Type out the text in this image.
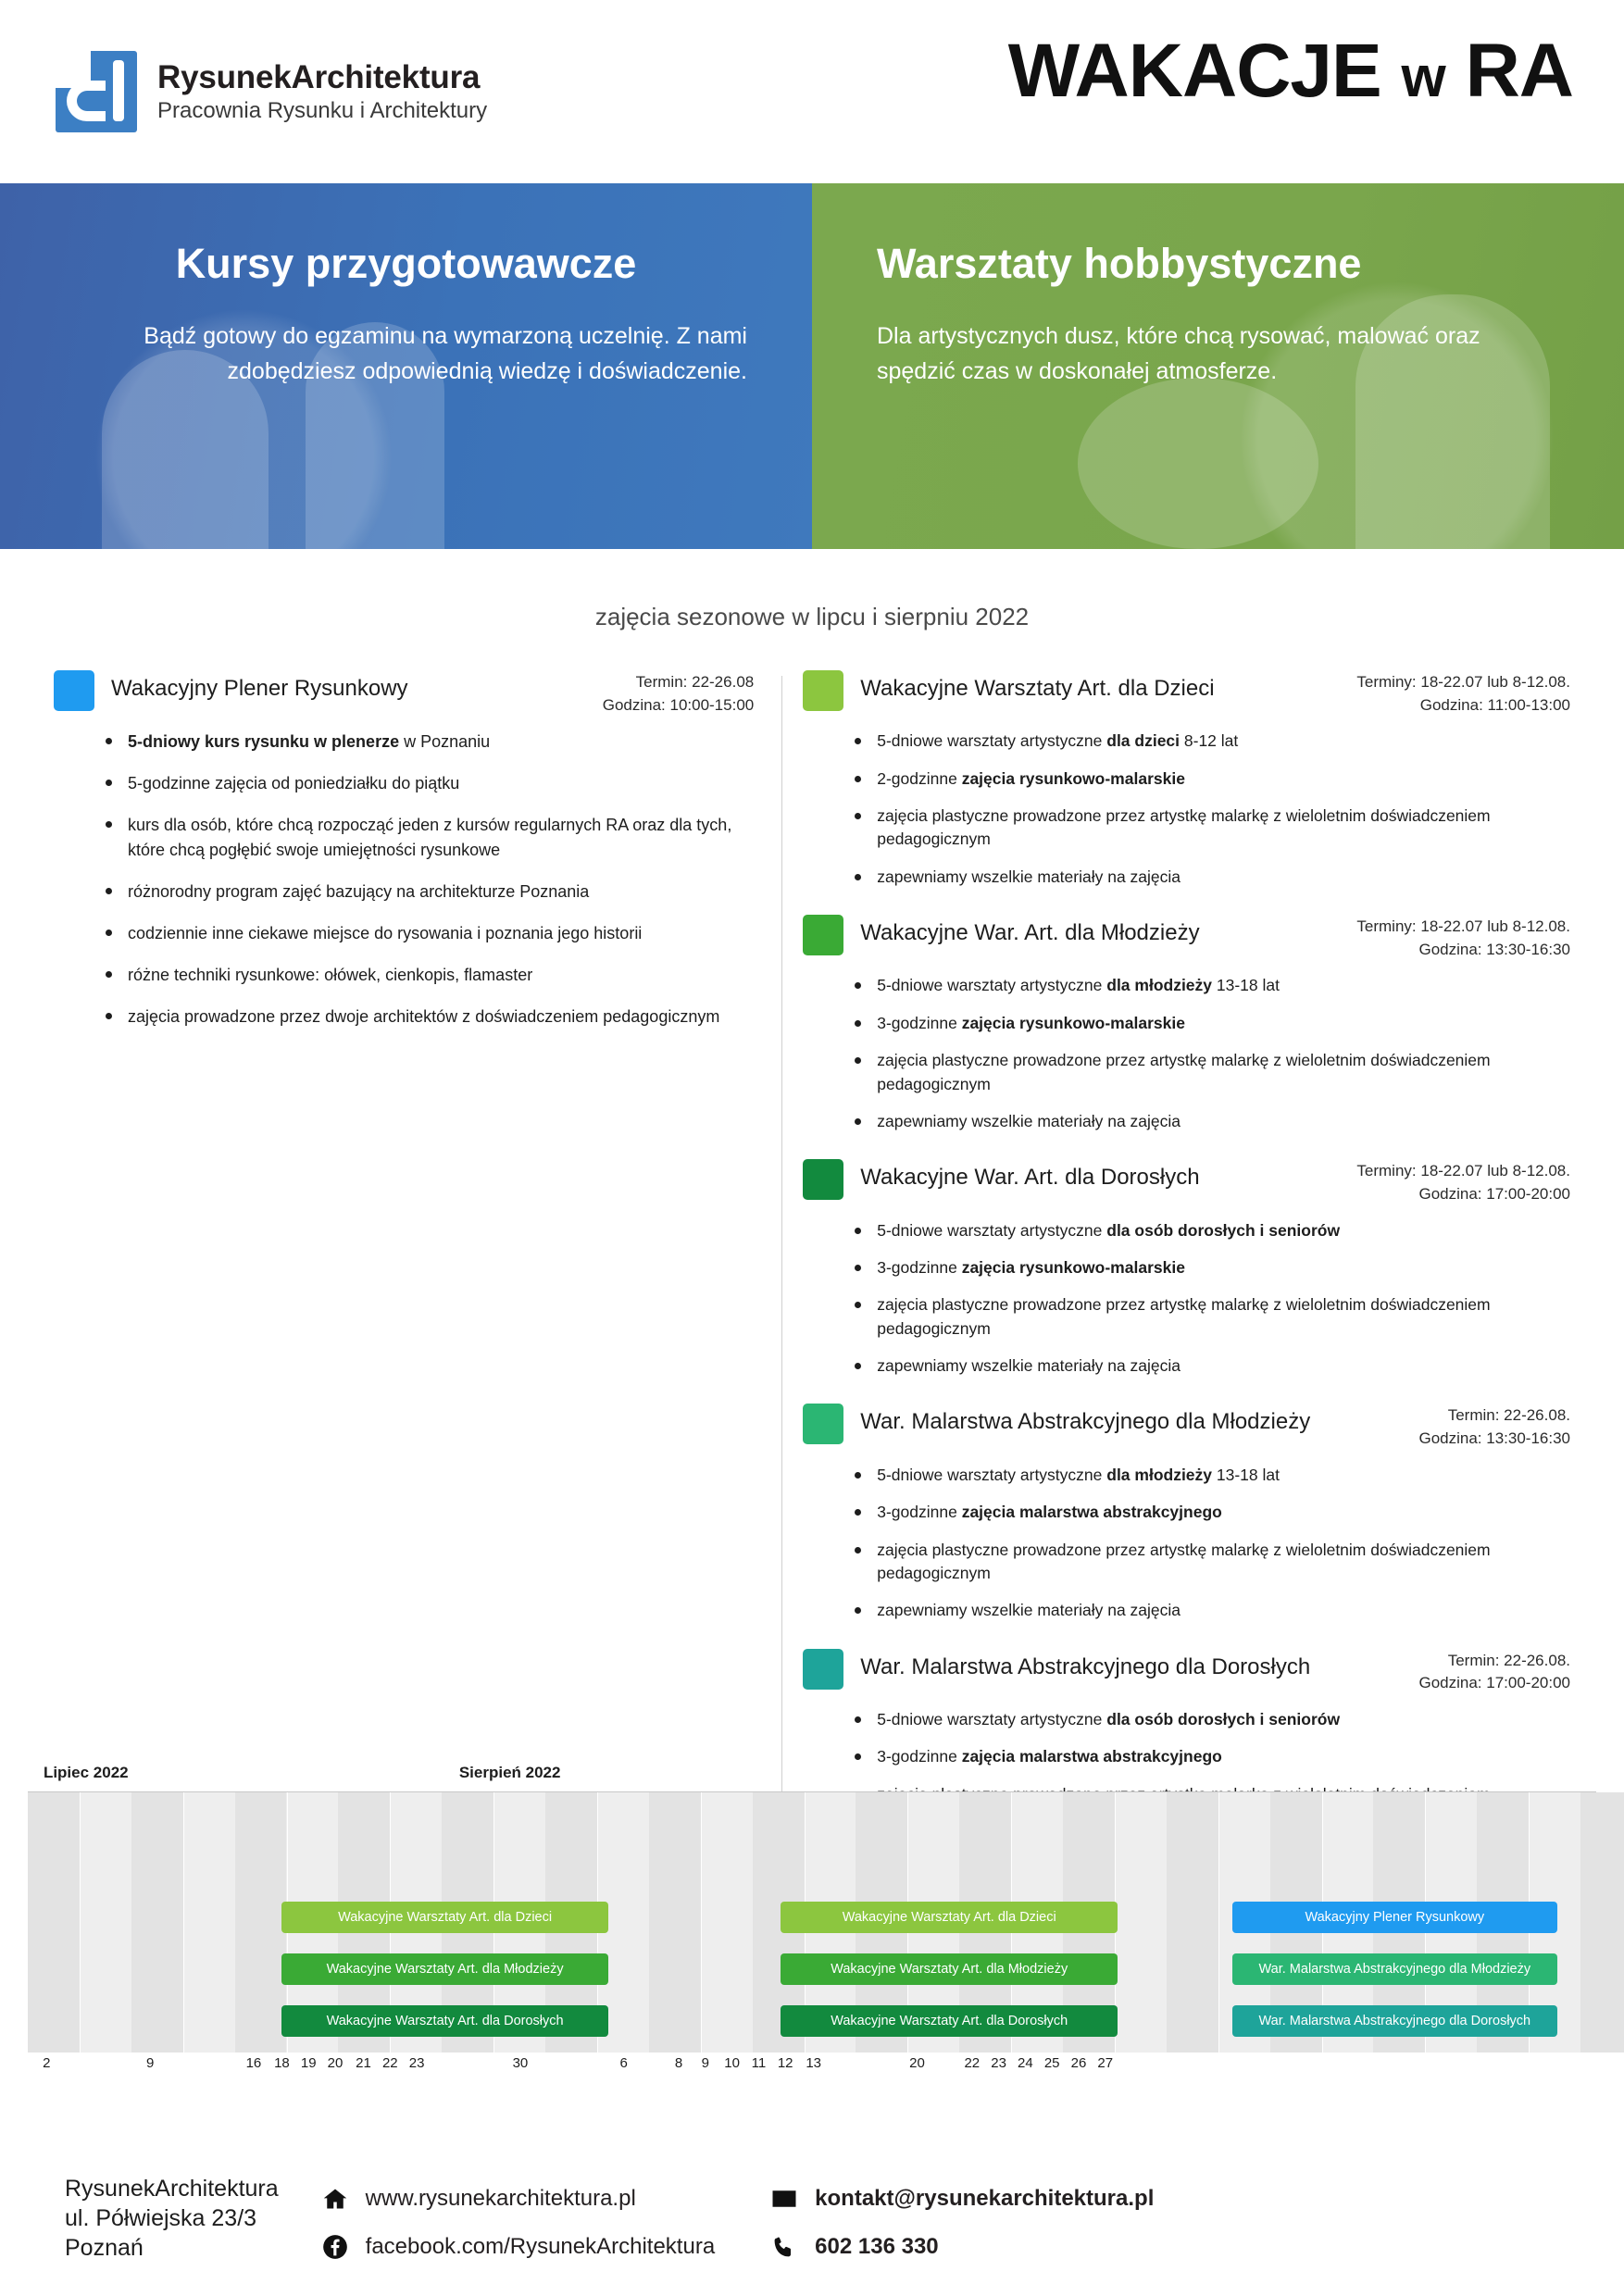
RysunekArchitektura
Pracownia Rysunku i Architektury	WAKACJE w RA
Kursy przygotowawcze

Bądź gotowy do egzaminu na wymarzoną uczelnię. Z nami zdobędziesz odpowiednią wiedzę i doświadczenie.

Warsztaty hobbystyczne

Dla artystycznych dusz, które chcą rysować, malować oraz spędzić czas w doskonałej atmosferze.

zajęcia sezonowe w lipcu i sierpniu 2022
Wakacyjny Plener Rysunkowy	Termin: 22-26.08
Godzina: 10:00-15:00
5-dniowy kurs rysunku w plenerze w Poznaniu
5-godzinne zajęcia od poniedziałku do piątku
kurs dla osób, które chcą rozpocząć jeden z kursów regularnych RA oraz dla tych, które chcą pogłębić swoje umiejętności rysunkowe
różnorodny program zajęć bazujący na architekturze Poznania
codziennie inne ciekawe miejsce do rysowania i poznania jego historii
różne techniki rysunkowe: ołówek, cienkopis, flamaster
zajęcia prowadzone przez dwoje architektów z doświadczeniem pedagogicznym
Wakacyjne Warsztaty Art. dla Dzieci	Terminy: 18-22.07 lub 8-12.08.
Godzina: 11:00-13:00
5-dniowe warsztaty artystyczne dla dzieci 8-12 lat
2-godzinne zajęcia rysunkowo-malarskie
zajęcia plastyczne prowadzone przez artystkę malarkę z wieloletnim doświadczeniem pedagogicznym
zapewniamy wszelkie materiały na zajęcia
Wakacyjne War. Art. dla Młodzieży	Terminy: 18-22.07 lub 8-12.08.
Godzina: 13:30-16:30
5-dniowe warsztaty artystyczne dla młodzieży 13-18 lat
3-godzinne zajęcia rysunkowo-malarskie
zajęcia plastyczne prowadzone przez artystkę malarkę z wieloletnim doświadczeniem pedagogicznym
zapewniamy wszelkie materiały na zajęcia
Wakacyjne War. Art. dla Dorosłych	Terminy: 18-22.07 lub 8-12.08.
Godzina: 17:00-20:00
5-dniowe warsztaty artystyczne dla osób dorosłych i seniorów
3-godzinne zajęcia rysunkowo-malarskie
zajęcia plastyczne prowadzone przez artystkę malarkę z wieloletnim doświadczeniem pedagogicznym
zapewniamy wszelkie materiały na zajęcia
War. Malarstwa Abstrakcyjnego dla Młodzieży	Termin: 22-26.08.
Godzina: 13:30-16:30
5-dniowe warsztaty artystyczne dla młodzieży 13-18 lat
3-godzinne zajęcia malarstwa abstrakcyjnego
zajęcia plastyczne prowadzone przez artystkę malarkę z wieloletnim doświadczeniem pedagogicznym
zapewniamy wszelkie materiały na zajęcia
War. Malarstwa Abstrakcyjnego dla Dorosłych	Termin: 22-26.08.
Godzina: 17:00-20:00
5-dniowe warsztaty artystyczne dla osób dorosłych i seniorów
3-godzinne zajęcia malarstwa abstrakcyjnego
Lipiec 2022	Sierpień 2022
Wakacyjne Warsztaty Art. dla Dzieci
Wakacyjne Warsztaty Art. dla Młodzieży
Wakacyjne Warsztaty Art. dla Dorosłych
Wakacyjne Warsztaty Art. dla Dzieci
Wakacyjne Warsztaty Art. dla Młodzieży
Wakacyjne Warsztaty Art. dla Dorosłych
Wakacyjny Plener Rysunkowy
War. Malarstwa Abstrakcyjnego dla Młodzieży
War. Malarstwa Abstrakcyjnego dla Dorosłych
2	9	16 18 19 20 21 22 23	30	6	8 9 10 11 12 13	20	22 23 24 25 26 27
RysunekArchitektura
ul. Półwiejska 23/3
Poznań
www.rysunekarchitektura.pl
facebook.com/RysunekArchitektura
kontakt@rysunekarchitektura.pl
602 136 330
